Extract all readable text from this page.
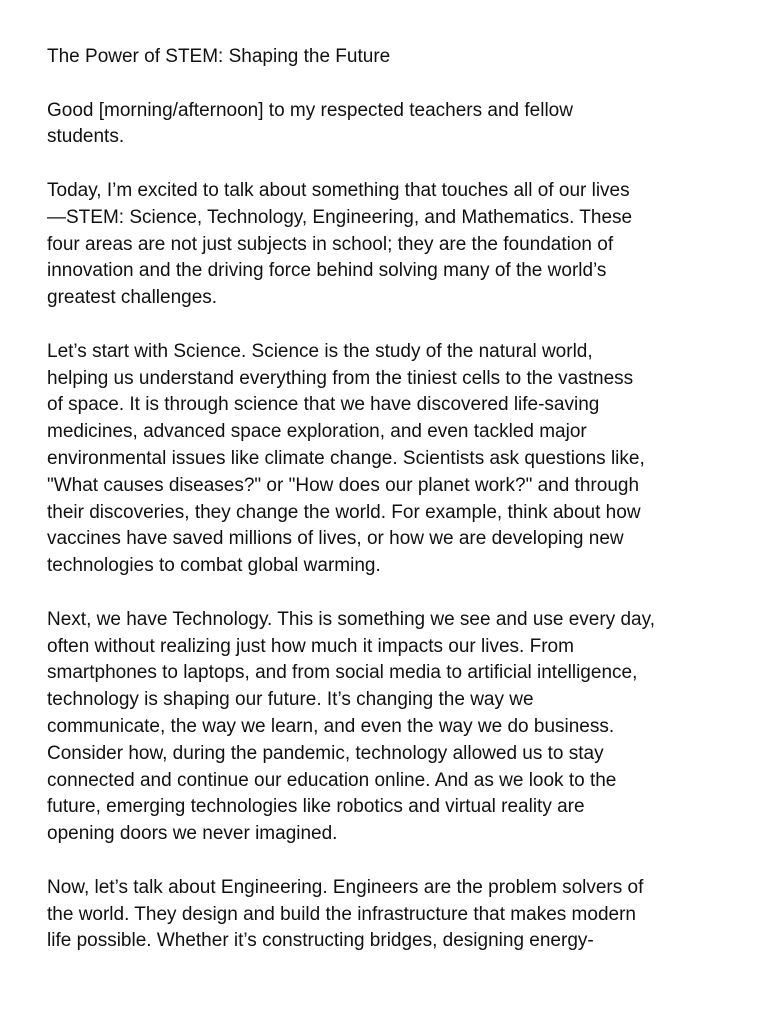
The Power of STEM: Shaping the Future

Good [morning/afternoon] to my respected teachers and fellow
students.

Today, I’m excited to talk about something that touches all of our lives
—STEM: Science, Technology, Engineering, and Mathematics. These
four areas are not just subjects in school; they are the foundation of
innovation and the driving force behind solving many of the world’s
greatest challenges.

Let’s start with Science. Science is the study of the natural world,
helping us understand everything from the tiniest cells to the vastness
of space. It is through science that we have discovered life-saving
medicines, advanced space exploration, and even tackled major
environmental issues like climate change. Scientists ask questions like,
"What causes diseases?" or "How does our planet work?" and through
their discoveries, they change the world. For example, think about how
vaccines have saved millions of lives, or how we are developing new
technologies to combat global warming.

Next, we have Technology. This is something we see and use every day,
often without realizing just how much it impacts our lives. From
smartphones to laptops, and from social media to artificial intelligence,
technology is shaping our future. It’s changing the way we
communicate, the way we learn, and even the way we do business.
Consider how, during the pandemic, technology allowed us to stay
connected and continue our education online. And as we look to the
future, emerging technologies like robotics and virtual reality are
opening doors we never imagined.

Now, let’s talk about Engineering. Engineers are the problem solvers of
the world. They design and build the infrastructure that makes modern
life possible. Whether it’s constructing bridges, designing energy-
